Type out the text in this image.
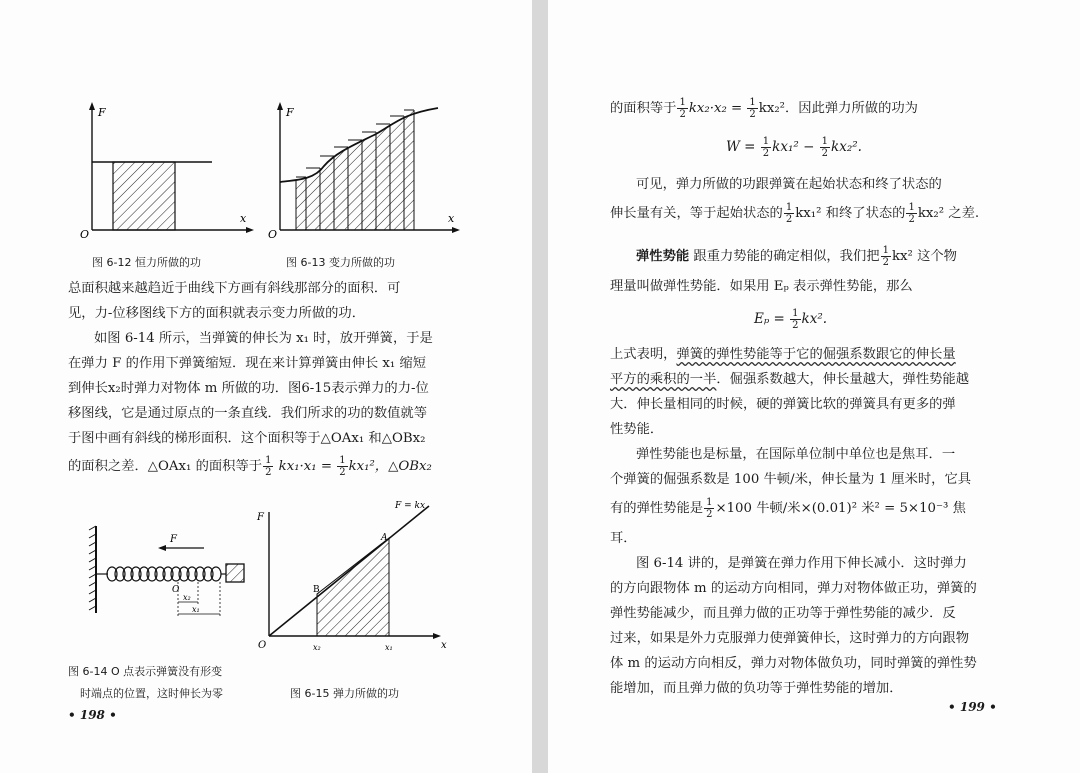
F
x
O
图 6-12 恒力所做的功
F
x
O
图 6-13 变力所做的功
总面积越来越趋近于曲线下方画有斜线那部分的面积．可
见，力-位移图线下方的面积就表示变力所做的功．
如图 6-14 所示，当弹簧的伸长为 x₁ 时，放开弹簧，于是
在弹力 F 的作用下弹簧缩短．现在来计算弹簧由伸长 x₁ 缩短
到伸长x₂时弹力对物体 m 所做的功．图6-15表示弹力的力-位
移图线，它是通过原点的一条直线．我们所求的功的数值就等
于图中画有斜线的梯形面积．这个面积等于△OAx₁ 和△OBx₂
的面积之差．△OAx₁ 的面积等于 $\frac{1}{2} kx_1\cdot x_1 = \frac{1}{2} kx_1^2$，△OBx₂
F
O
x₂
x₁
图 6-14 O 点表示弹簧没有形变
时端点的位置，这时伸长为零
F = kx
F
x
O
A
B
x₂	x₁
图 6-15 弹力所做的功
• 198 •
的面积等于 $\frac{1}{2} kx_2\cdot x_2 = \frac{1}{2} kx_2^2$．因此弹力所做的功为
$W = \frac{1}{2} kx_1^2 - \frac{1}{2} kx_2^2$.
可见，弹力所做的功跟弹簧在起始状态和终了状态的
伸长量有关，等于起始状态的 $\frac{1}{2} kx_1^2$ 和终了状态的 $\frac{1}{2} kx_2^2$ 之差.
弹性势能 跟重力势能的确定相似，我们把 $\frac{1}{2} kx^2$ 这个物
理量叫做弹性势能．如果用 Eₚ 表示弹性势能，那么
$E_p = \frac{1}{2} kx^2$.
上式表明，弹簧的弹性势能等于它的倔强系数跟它的伸长量
平方的乘积的一半．倔强系数越大，伸长量越大，弹性势能越
大．伸长量相同的时候，硬的弹簧比软的弹簧具有更多的弹
性势能．
弹性势能也是标量，在国际单位制中单位也是焦耳．一
个弹簧的倔强系数是 100 牛顿/米，伸长量为 1 厘米时，它具
有的弹性势能是 $\frac{1}{2} \times 100$ 牛顿/米×(0.01)² 米² = 5×10⁻³ 焦
耳．
图 6-14 讲的，是弹簧在弹力作用下伸长减小．这时弹力
的方向跟物体 m 的运动方向相同，弹力对物体做正功，弹簧的
弹性势能减少，而且弹力做的正功等于弹性势能的减少．反
过来，如果是外力克服弹力使弹簧伸长，这时弹力的方向跟物
体 m 的运动方向相反，弹力对物体做负功，同时弹簧的弹性势
能增加，而且弹力做的负功等于弹性势能的增加．
• 199 •
